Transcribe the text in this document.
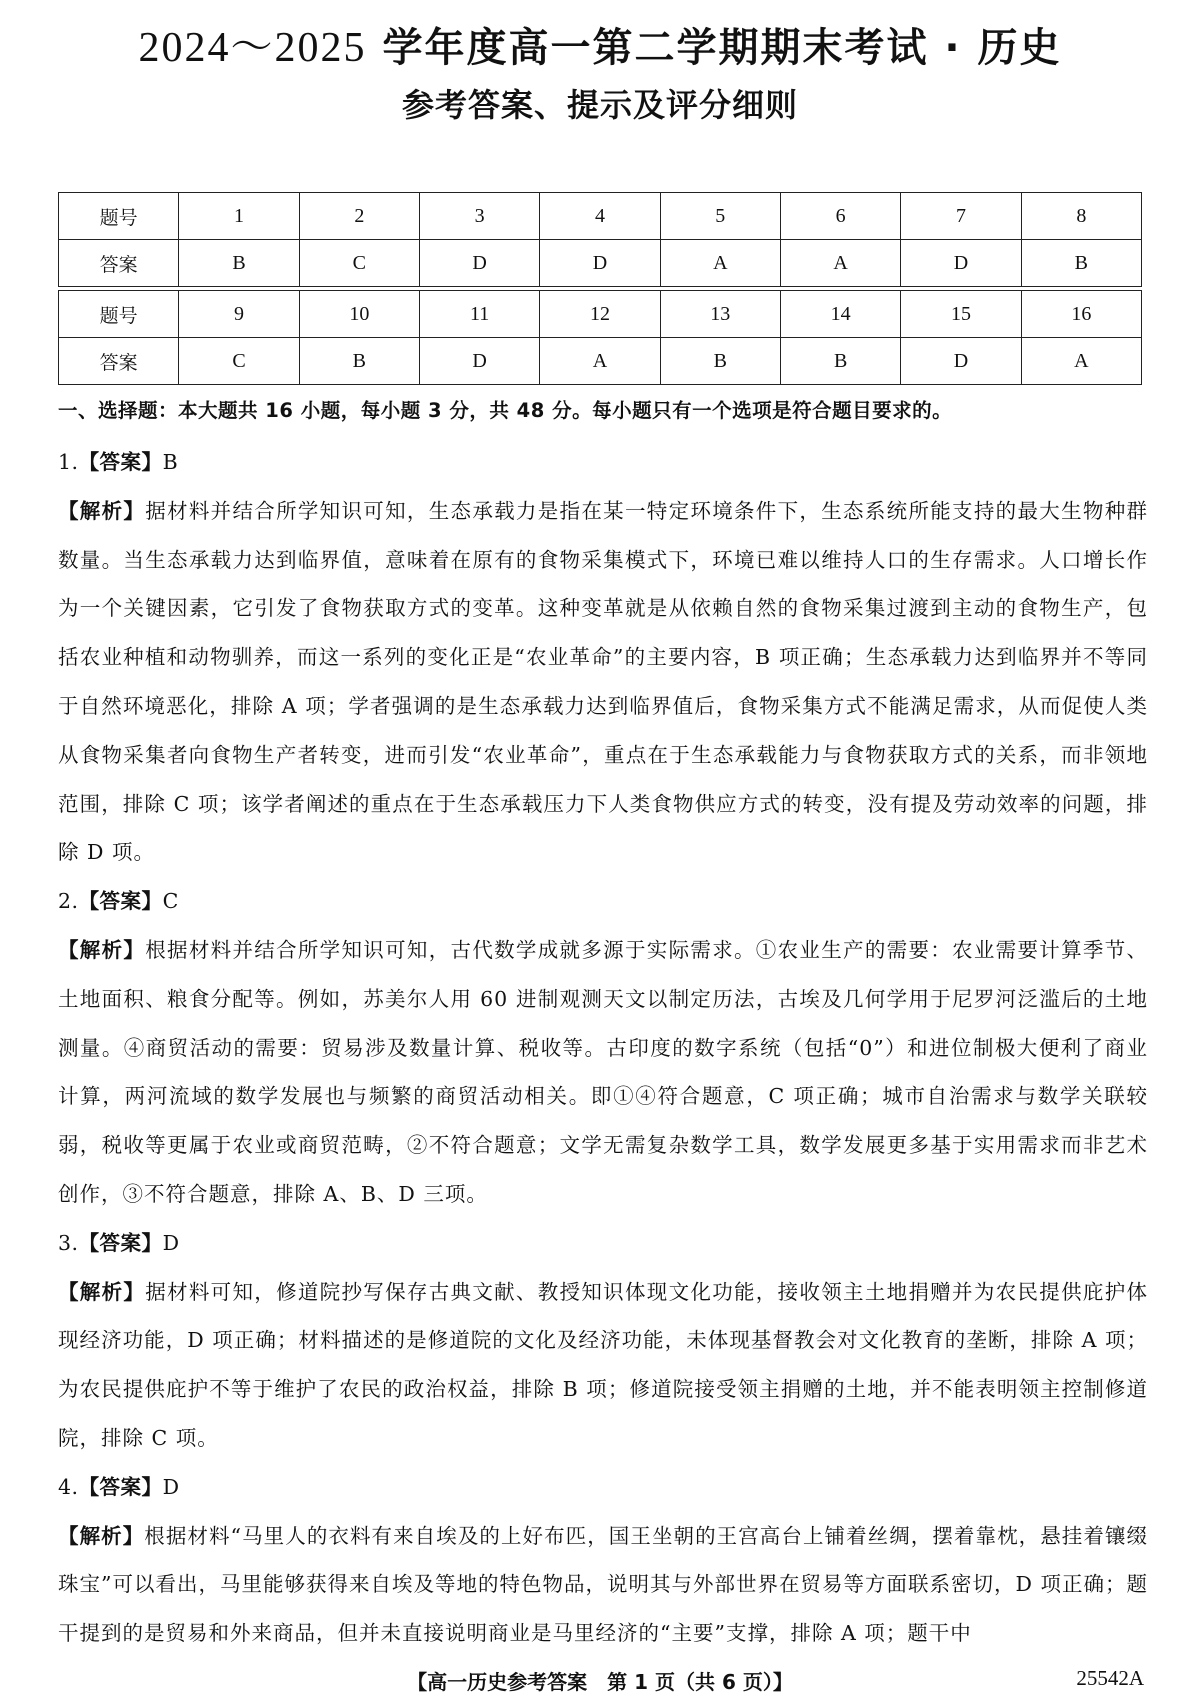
2024～2025 学年度高一第二学期期末考试 · 历史
参考答案、提示及评分细则
题号	1	2	3	4	5	6	7	8
答案	B	C	D	D	A	A	D	B

题号	9	10	11	12	13	14	15	16
答案	C	B	D	A	B	B	D	A
一、选择题：本大题共 16 小题，每小题 3 分，共 48 分。每小题只有一个选项是符合题目要求的。
1.【答案】B
【解析】据材料并结合所学知识可知，生态承载力是指在某一特定环境条件下，生态系统所能支持的最大生物种群数量。当生态承载力达到临界值，意味着在原有的食物采集模式下，环境已难以维持人口的生存需求。人口增长作为一个关键因素，它引发了食物获取方式的变革。这种变革就是从依赖自然的食物采集过渡到主动的食物生产，包括农业种植和动物驯养，而这一系列的变化正是“农业革命”的主要内容，B 项正确；生态承载力达到临界并不等同于自然环境恶化，排除 A 项；学者强调的是生态承载力达到临界值后，食物采集方式不能满足需求，从而促使人类从食物采集者向食物生产者转变，进而引发“农业革命”，重点在于生态承载能力与食物获取方式的关系，而非领地范围，排除 C 项；该学者阐述的重点在于生态承载压力下人类食物供应方式的转变，没有提及劳动效率的问题，排除 D 项。
2.【答案】C
【解析】根据材料并结合所学知识可知，古代数学成就多源于实际需求。①农业生产的需要：农业需要计算季节、土地面积、粮食分配等。例如，苏美尔人用 60 进制观测天文以制定历法，古埃及几何学用于尼罗河泛滥后的土地测量。④商贸活动的需要：贸易涉及数量计算、税收等。古印度的数字系统（包括“0”）和进位制极大便利了商业计算，两河流域的数学发展也与频繁的商贸活动相关。即①④符合题意，C 项正确；城市自治需求与数学关联较弱，税收等更属于农业或商贸范畴，②不符合题意；文学无需复杂数学工具，数学发展更多基于实用需求而非艺术创作，③不符合题意，排除 A、B、D 三项。
3.【答案】D
【解析】据材料可知，修道院抄写保存古典文献、教授知识体现文化功能，接收领主土地捐赠并为农民提供庇护体现经济功能，D 项正确；材料描述的是修道院的文化及经济功能，未体现基督教会对文化教育的垄断，排除 A 项；为农民提供庇护不等于维护了农民的政治权益，排除 B 项；修道院接受领主捐赠的土地，并不能表明领主控制修道院，排除 C 项。
4.【答案】D
【解析】根据材料“马里人的衣料有来自埃及的上好布匹，国王坐朝的王宫高台上铺着丝绸，摆着靠枕，悬挂着镶缀珠宝”可以看出，马里能够获得来自埃及等地的特色物品，说明其与外部世界在贸易等方面联系密切，D 项正确；题干提到的是贸易和外来商品，但并未直接说明商业是马里经济的“主要”支撑，排除 A 项；题干中
【高一历史参考答案　第 1 页（共 6 页）】	25542A
